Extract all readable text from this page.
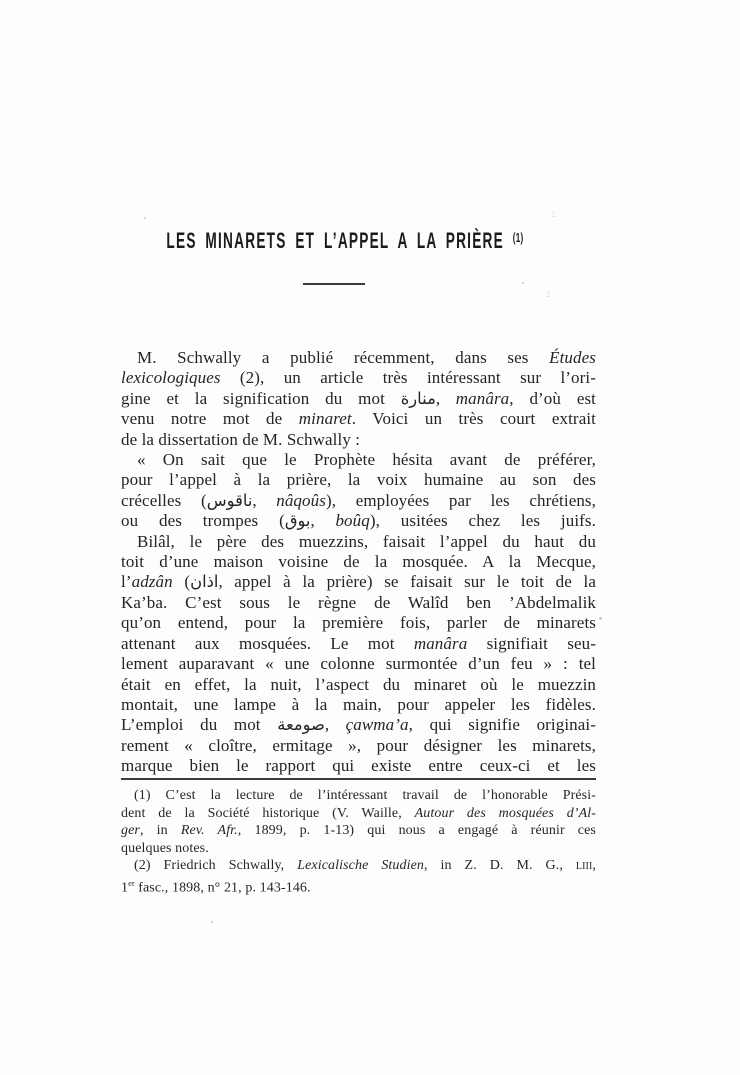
LES MINARETS ET L’APPEL A LA PRIÈRE $^{(1)}$
M. Schwally a publié récemment, dans ses Études
lexicologiques (2), un article très intéressant sur l’ori-
gine et la signification du mot منارة, manâra, d’où est
venu notre mot de minaret. Voici un très court extrait
de la dissertation de M. Schwally :
« On sait que le Prophète hésita avant de préférer,
pour l’appel à la prière, la voix humaine au son des
crécelles (ناقوس, nâqoûs), employées par les chrétiens,
ou des trompes (بوق, boûq), usitées chez les juifs.
Bilâl, le père des muezzins, faisait l’appel du haut du
toit d’une maison voisine de la mosquée. A la Mecque,
l’adzân (اذان, appel à la prière) se faisait sur le toit de la
Ka’ba. C’est sous le règne de Walîd ben ’Abdelmalik
qu’on entend, pour la première fois, parler de minarets
attenant aux mosquées. Le mot manâra signifiait seu-
lement auparavant « une colonne surmontée d’un feu » : tel
était en effet, la nuit, l’aspect du minaret où le muezzin
montait, une lampe à la main, pour appeler les fidèles.
L’emploi du mot صومعة, çawma’a, qui signifie originai-
rement « cloître, ermitage », pour désigner les minarets,
marque bien le rapport qui existe entre ceux-ci et les
(1) C’est la lecture de l’intéressant travail de l’honorable Prési-
dent de la Société historique (V. Waille, Autour des mosquées d’Al-
ger, in Rev. Afr., 1899, p. 1-13) qui nous a engagé à réunir ces
quelques notes.
(2) Friedrich Schwally, Lexicalische Studien, in Z. D. M. G., liii,
1er fasc., 1898, n° 21, p. 143-146.
:
:
